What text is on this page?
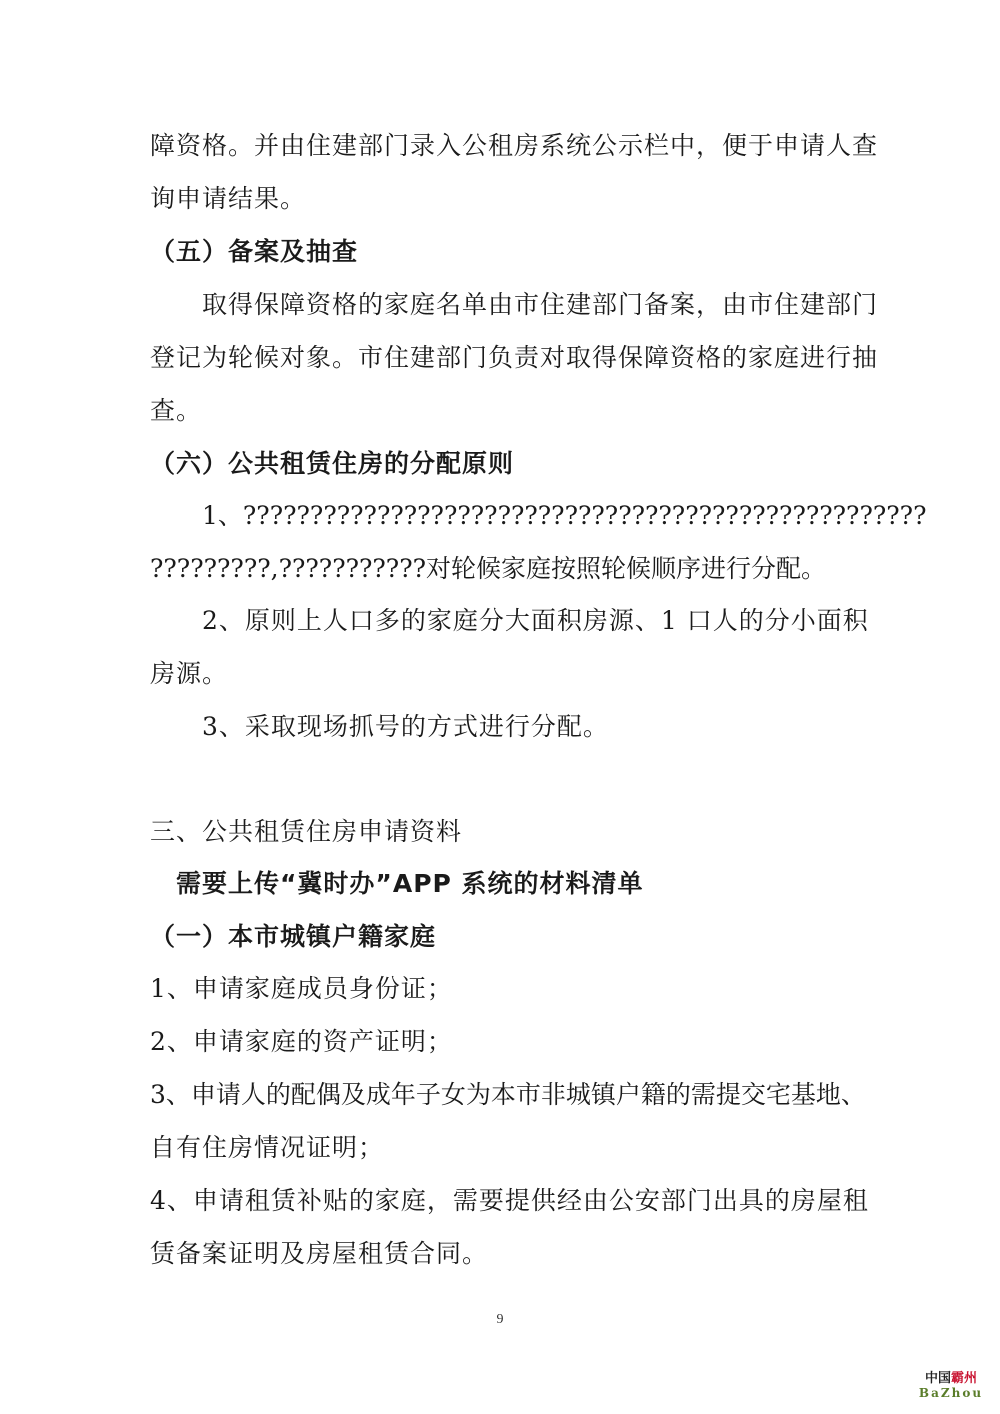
障资格。并由住建部门录入公租房系统公示栏中，便于申请人查
询申请结果。
（五）备案及抽查
取得保障资格的家庭名单由市住建部门备案，由市住建部门
登记为轮候对象。市住建部门负责对取得保障资格的家庭进行抽
查。
（六）公共租赁住房的分配原则
1、???????????????????????????????????????????????????
?????????,???????????对轮候家庭按照轮候顺序进行分配。
2、原则上人口多的家庭分大面积房源、1 口人的分小面积
房源。
3、采取现场抓号的方式进行分配。
三、公共租赁住房申请资料
需要上传“冀时办”APP 系统的材料清单
（一）本市城镇户籍家庭
1、申请家庭成员身份证；
2、申请家庭的资产证明；
3、申请人的配偶及成年子女为本市非城镇户籍的需提交宅基地、
自有住房情况证明；
4、申请租赁补贴的家庭，需要提供经由公安部门出具的房屋租
赁备案证明及房屋租赁合同。
9
中国霸州
BaZhou
